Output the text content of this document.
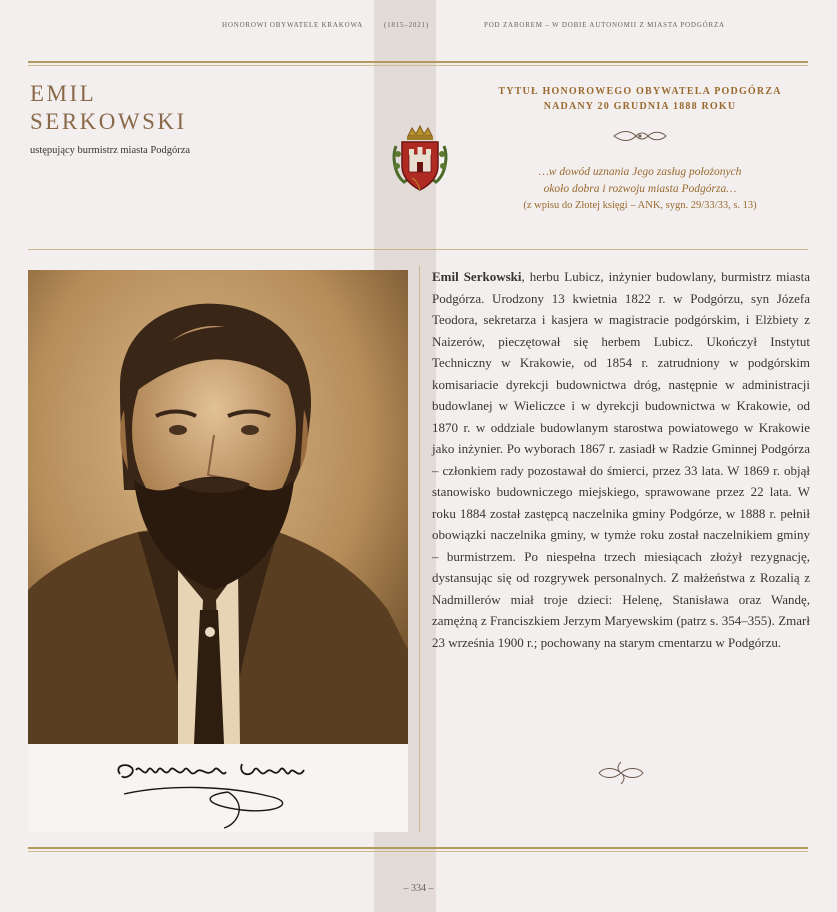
HONOROWI OBYWATELE KRAKOWA	(1815–2021)	POD ZABOREM – W DOBIE AUTONOMII Z MIASTA PODGÓRZA
EMIL
SERKOWSKI
ustępujący burmistrz miasta Podgórza
TYTUŁ HONOROWEGO OBYWATELA PODGÓRZA
NADANY 20 GRUDNIA 1888 ROKU
…w dowód uznania Jego zasług położonych
około dobra i rozwoju miasta Podgórza…
(z wpisu do Złotej księgi – ANK, sygn. 29/33/33, s. 13)
Emil Serkowski, herbu Lubicz, inżynier budowlany, burmistrz miasta Podgórza. Urodzony 13 kwietnia 1822 r. w Podgórzu, syn Józefa Teodora, sekretarza i kasjera w magistracie podgórskim, i Elżbiety z Naizerów, pieczętował się herbem Lubicz. Ukończył Instytut Techniczny w Krakowie, od 1854 r. zatrudniony w podgórskim komisariacie dyrekcji budownictwa dróg, następnie w administracji budowlanej w Wieliczce i w dyrekcji budownictwa w Krakowie, od 1870 r. w oddziale budowlanym starostwa powiatowego w Krakowie jako inżynier. Po wyborach 1867 r. zasiadł w Radzie Gminnej Podgórza – członkiem rady pozostawał do śmierci, przez 33 lata. W 1869 r. objął stanowisko budowniczego miejskiego, sprawowane przez 22 lata. W roku 1884 został zastępcą naczelnika gminy Podgórze, w 1888 r. pełnił obowiązki naczelnika gminy, w tymże roku został naczelnikiem gminy – burmistrzem. Po niespełna trzech miesiącach złożył rezygnację, dystansując się od rozgrywek personalnych. Z małżeństwa z Rozalią z Nadmillerów miał troje dzieci: Helenę, Stanisława oraz Wandę, zamężną z Franciszkiem Jerzym Maryewskim (patrz s. 354–355). Zmarł 23 września 1900 r.; pochowany na starym cmentarzu w Podgórzu.
– 334 –
